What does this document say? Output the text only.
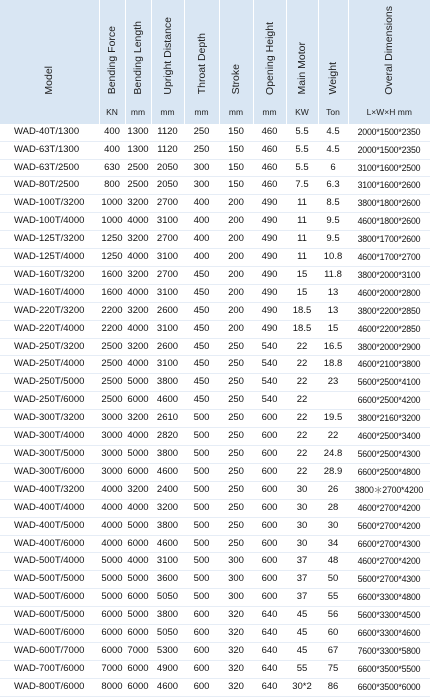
Model	Bending Force	Bending Length	Upright Distance	Throat Depth	Stroke	Opening Height	Main Motor	Weight	Overal Dimensions
	KN	mm	mm	mm	mm	mm	KW	Ton	L×W×H mm
WAD-40T/1300	400	1300	1120	250	150	460	5.5	4.5	2000*1500*2350
WAD-63T/1300	400	1300	1120	250	150	460	5.5	4.5	2000*1500*2350
WAD-63T/2500	630	2500	2050	300	150	460	5.5	6	3100*1600*2500
WAD-80T/2500	800	2500	2050	300	150	460	7.5	6.3	3100*1600*2600
WAD-100T/3200	1000	3200	2700	400	200	490	11	8.5	3800*1800*2600
WAD-100T/4000	1000	4000	3100	400	200	490	11	9.5	4600*1800*2600
WAD-125T/3200	1250	3200	2700	400	200	490	11	9.5	3800*1700*2600
WAD-125T/4000	1250	4000	3100	400	200	490	11	10.8	4600*1700*2700
WAD-160T/3200	1600	3200	2700	450	200	490	15	11.8	3800*2000*3100
WAD-160T/4000	1600	4000	3100	450	200	490	15	13	4600*2000*2800
WAD-220T/3200	2200	3200	2600	450	200	490	18.5	13	3800*2200*2850
WAD-220T/4000	2200	4000	3100	450	200	490	18.5	15	4600*2200*2850
WAD-250T/3200	2500	3200	2600	450	250	540	22	16.5	3800*2000*2900
WAD-250T/4000	2500	4000	3100	450	250	540	22	18.8	4600*2100*3800
WAD-250T/5000	2500	5000	3800	450	250	540	22	23	5600*2500*4100
WAD-250T/6000	2500	6000	4600	450	250	540	22		6600*2500*4200
WAD-300T/3200	3000	3200	2610	500	250	600	22	19.5	3800*2160*3200
WAD-300T/4000	3000	4000	2820	500	250	600	22	22	4600*2500*3400
WAD-300T/5000	3000	5000	3800	500	250	600	22	24.8	5600*2500*4300
WAD-300T/6000	3000	6000	4600	500	250	600	22	28.9	6600*2500*4800
WAD-400T/3200	4000	3200	2400	500	250	600	30	26	3800＊2700*4200
WAD-400T/4000	4000	4000	3200	500	250	600	30	28	4600*2700*4200
WAD-400T/5000	4000	5000	3800	500	250	600	30	30	5600*2700*4200
WAD-400T/6000	4000	6000	4600	500	250	600	30	34	6600*2700*4300
WAD-500T/4000	5000	4000	3100	500	300	600	37	48	4600*2700*4200
WAD-500T/5000	5000	5000	3600	500	300	600	37	50	5600*2700*4300
WAD-500T/6000	5000	6000	5050	500	300	600	37	55	6600*3300*4800
WAD-600T/5000	6000	5000	3800	600	320	640	45	56	5600*3300*4500
WAD-600T/6000	6000	6000	5050	600	320	640	45	60	6600*3300*4600
WAD-600T/7000	6000	7000	5300	600	320	640	45	67	7600*3300*5800
WAD-700T/6000	7000	6000	4900	600	320	640	55	75	6600*3500*5500
WAD-800T/6000	8000	6000	4600	600	320	640	30*2	86	6600*3500*6000
